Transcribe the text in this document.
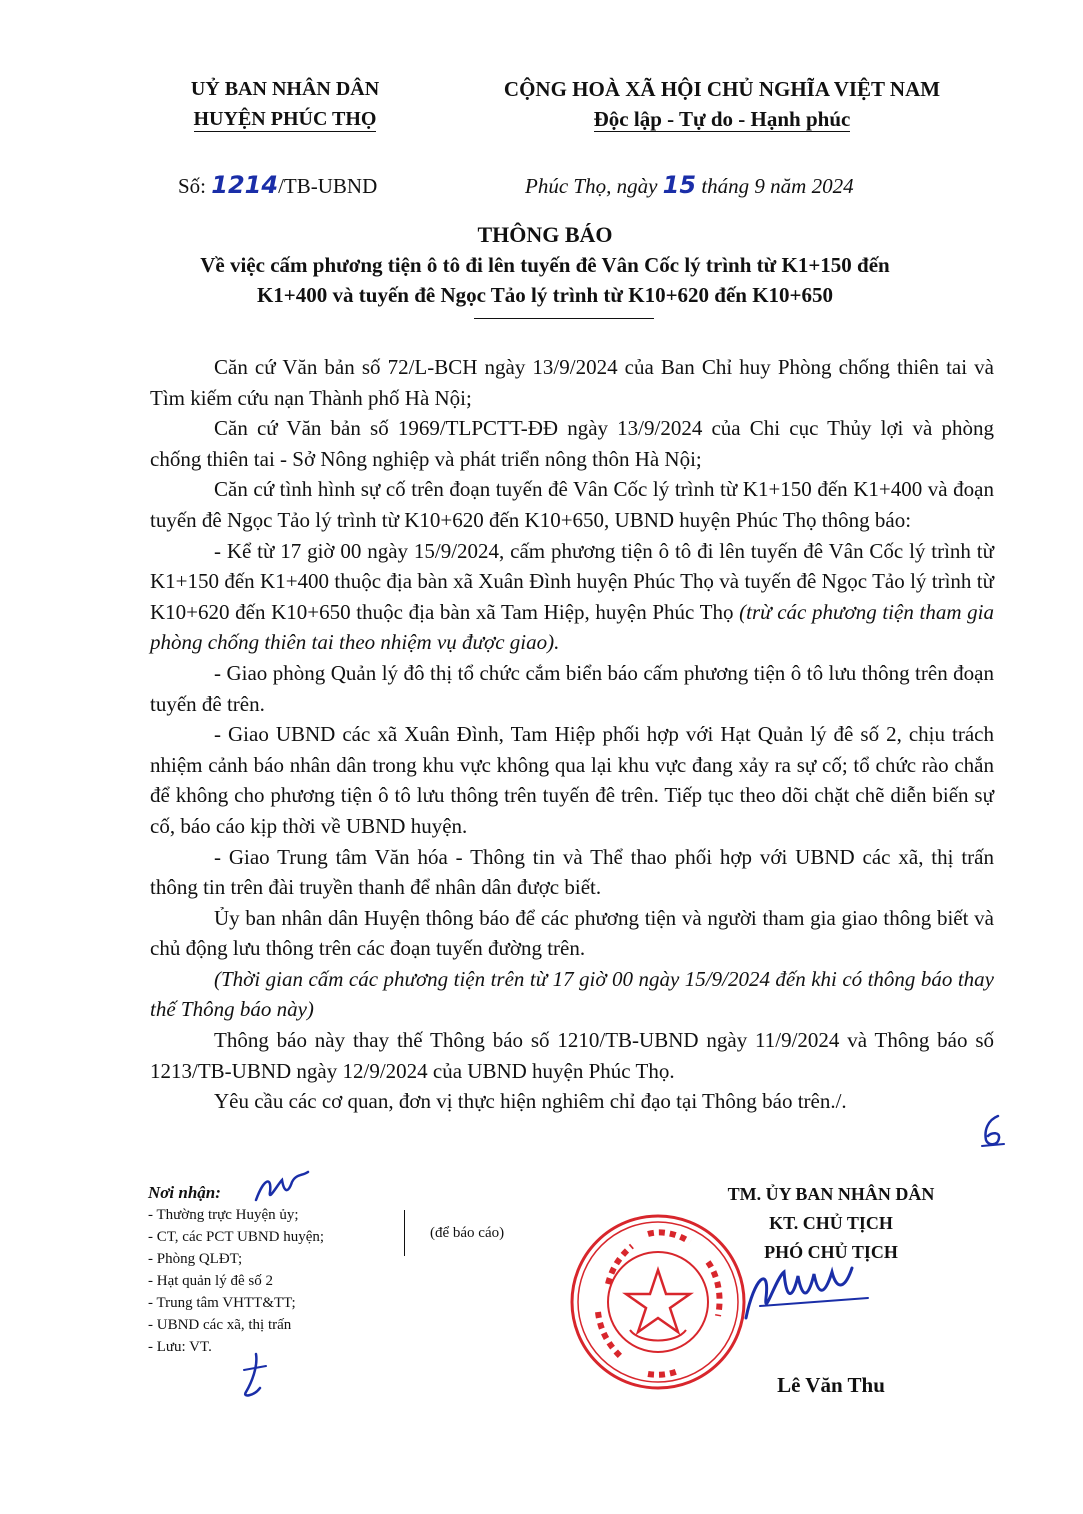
UỶ BAN NHÂN DÂN
HUYỆN PHÚC THỌ
CỘNG HOÀ XÃ HỘI CHỦ NGHĨA VIỆT NAM
Độc lập - Tự do - Hạnh phúc
Số: 1214/TB-UBND	Phúc Thọ, ngày 15 tháng 9 năm 2024
THÔNG BÁO
Về việc cấm phương tiện ô tô đi lên tuyến đê Vân Cốc lý trình từ K1+150 đến
K1+400 và tuyến đê Ngọc Tảo lý trình từ K10+620 đến K10+650

Căn cứ Văn bản số 72/L-BCH ngày 13/9/2024 của Ban Chỉ huy Phòng chống thiên tai và Tìm kiếm cứu nạn Thành phố Hà Nội;

Căn cứ Văn bản số 1969/TLPCTT-ĐĐ ngày 13/9/2024 của Chi cục Thủy lợi và phòng chống thiên tai - Sở Nông nghiệp và phát triển nông thôn Hà Nội;

Căn cứ tình hình sự cố trên đoạn tuyến đê Vân Cốc lý trình từ K1+150 đến K1+400 và đoạn tuyến đê Ngọc Tảo lý trình từ K10+620 đến K10+650, UBND huyện Phúc Thọ thông báo:

- Kể từ 17 giờ 00 ngày 15/9/2024, cấm phương tiện ô tô đi lên tuyến đê Vân Cốc lý trình từ K1+150 đến K1+400 thuộc địa bàn xã Xuân Đình huyện Phúc Thọ và tuyến đê Ngọc Tảo lý trình từ K10+620 đến K10+650 thuộc địa bàn xã Tam Hiệp, huyện Phúc Thọ (trừ các phương tiện tham gia phòng chống thiên tai theo nhiệm vụ được giao).

- Giao phòng Quản lý đô thị tổ chức cắm biển báo cấm phương tiện ô tô lưu thông trên đoạn tuyến đê trên.

- Giao UBND các xã Xuân Đình, Tam Hiệp phối hợp với Hạt Quản lý đê số 2, chịu trách nhiệm cảnh báo nhân dân trong khu vực không qua lại khu vực đang xảy ra sự cố; tổ chức rào chắn để không cho phương tiện ô tô lưu thông trên tuyến đê trên. Tiếp tục theo dõi chặt chẽ diễn biến sự cố, báo cáo kịp thời về UBND huyện.

- Giao Trung tâm Văn hóa - Thông tin và Thể thao phối hợp với UBND các xã, thị trấn thông tin trên đài truyền thanh để nhân dân được biết.

Ủy ban nhân dân Huyện thông báo để các phương tiện và người tham gia giao thông biết và chủ động lưu thông trên các đoạn tuyến đường trên.

(Thời gian cấm các phương tiện trên từ 17 giờ 00 ngày 15/9/2024 đến khi có thông báo thay thế Thông báo này)

Thông báo này thay thế Thông báo số 1210/TB-UBND ngày 11/9/2024 và Thông báo số 1213/TB-UBND ngày 12/9/2024 của UBND huyện Phúc Thọ.

Yêu cầu các cơ quan, đơn vị thực hiện nghiêm chỉ đạo tại Thông báo trên./.

Nơi nhận:
- Thường trực Huyện ủy;
- CT, các PCT UBND huyện;
- Phòng QLĐT;
- Hạt quản lý đê số 2
- Trung tâm VHTT&TT;
- UBND các xã, thị trấn
- Lưu: VT.
(để báo cáo)
TM. ỦY BAN NHÂN DÂN
KT. CHỦ TỊCH
PHÓ CHỦ TỊCH
Lê Văn Thu
